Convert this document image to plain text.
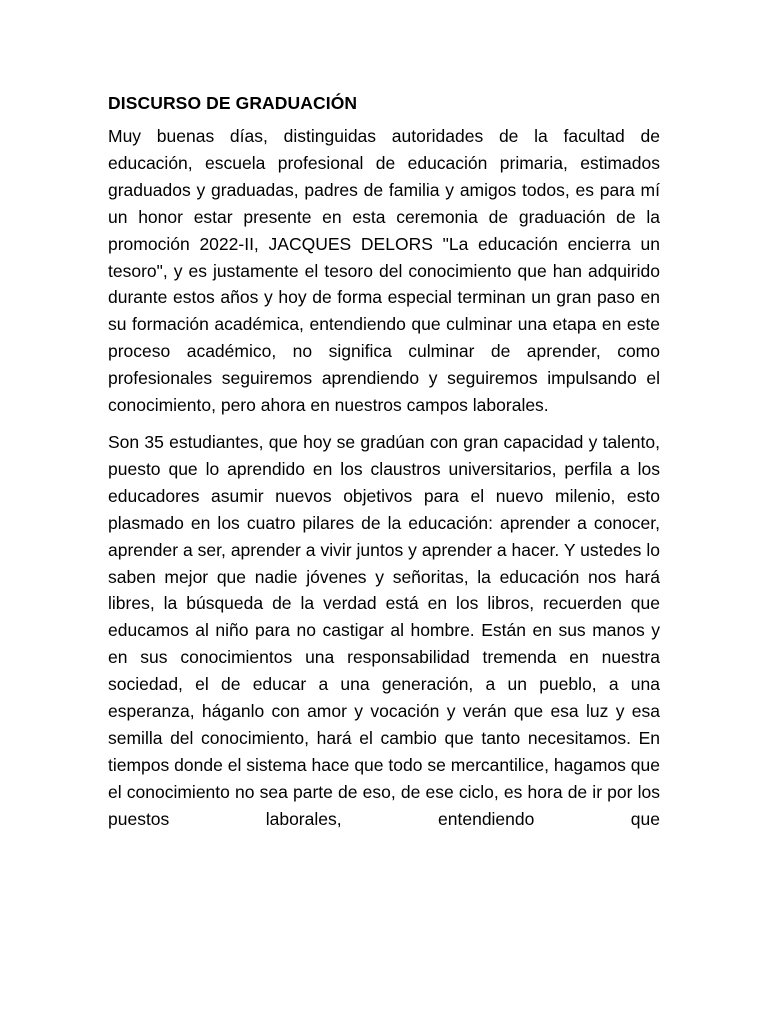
DISCURSO DE GRADUACIÓN

Muy buenas días, distinguidas autoridades de la facultad de educación, escuela profesional de educación primaria, estimados graduados y graduadas, padres de familia y amigos todos, es para mí un honor estar presente en esta ceremonia de graduación de la promoción 2022-II, JACQUES DELORS "La educación encierra un tesoro", y es justamente el tesoro del conocimiento que han adquirido durante estos años y hoy de forma especial terminan un gran paso en su formación académica, entendiendo que culminar una etapa en este proceso académico, no significa culminar de aprender, como profesionales seguiremos aprendiendo y seguiremos impulsando el conocimiento, pero ahora en nuestros campos laborales.

Son 35 estudiantes, que hoy se gradúan con gran capacidad y talento, puesto que lo aprendido en los claustros universitarios, perfila a los educadores asumir nuevos objetivos para el nuevo milenio, esto plasmado en los cuatro pilares de la educación: aprender a conocer, aprender a ser, aprender a vivir juntos y aprender a hacer. Y ustedes lo saben mejor que nadie jóvenes y señoritas, la educación nos hará libres, la búsqueda de la verdad está en los libros, recuerden que educamos al niño para no castigar al hombre. Están en sus manos y en sus conocimientos una responsabilidad tremenda en nuestra sociedad, el de educar a una generación, a un pueblo, a una esperanza, háganlo con amor y vocación y verán que esa luz y esa semilla del conocimiento, hará el cambio que tanto necesitamos. En tiempos donde el sistema hace que todo se mercantilice, hagamos que el conocimiento no sea parte de eso, de ese ciclo, es hora de ir por los puestos laborales, entendiendo que
